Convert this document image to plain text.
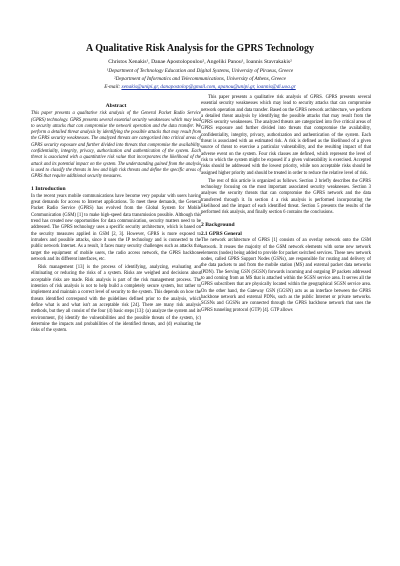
A Qualitative Risk Analysis for the GPRS Technology
Christos Xenakis¹, Danae Apostolopoulou², Angeliki Panou¹, Ioannis Stavrakakis²
¹Department of Technology Education and Digital Systems, University of Piraeus, Greece
²Department of Informatics and Telecommunications, University of Athens, Greece
E-mail: xenakis@unipi.gr, danapostolop@gmail.com, apanou@unipi.gr, ioannis@di.uoa.gr
Abstract

This paper presents a qualitative risk analysis of the General Packet Radio Service (GPRS) technology. GPRS presents several essential security weaknesses which may lead to security attacks that can compromise the network operation and the data transfer. We perform a detailed threat analysis by identifying the possible attacks that may result from the GPRS security weaknesses. The analyzed threats are categorized into critical areas of GPRS security exposure and further divided into threats that compromise the availability, confidentiality, integrity, privacy, authorization and authentication of the system. Each threat is associated with a quantitative risk value that incorporates the likelihood of the attack and its potential impact on the system. The understanding gained from the analysis is used to classify the threats in low and high risk threats and define the specific areas of GPRS that require additional security measures.

1 Introduction

In the recent years mobile communications have become very popular with users having great demands for access to Internet applications. To meet these demands, the General Packet Radio Service (GPRS) has evolved from the Global System for Mobile Communication (GSM) [1] to make high-speed data transmission possible. Although this trend has created new opportunities for data communication, security matters need to be addressed. The GPRS technology uses a specific security architecture, which is based on the security measures applied in GSM [2, 3]. However, GPRS is more exposed to intruders and possible attacks, since it uses the IP technology and is connected to the public network Internet. As a result, it faces many security challenges such as attacks that target the equipment of mobile users, the radio access network, the GPRS backbone network and its different interfaces, etc.

Risk management [13] is the process of identifying, analyzing, evaluating and eliminating or reducing the risks of a system. Risks are weighed and decisions about acceptable risks are made. Risk analysis is part of the risk management process. The intention of risk analysis is not to help build a completely secure system, but rather to implement and maintain a correct level of security to the system. This depends on how the threats identified correspond with the guidelines defined prior to the analysis, which define what is and what isn't an acceptable risk [24]. There are many risk analysis methods, but they all consist of the four (4) basic steps [13]: (a) analyze the system and its environment, (b) identify the vulnerabilities and the possible threats of the system, (c) determine the impacts and probabilities of the identified threats, and (d) evaluating the risks of the system.

This paper presents a qualitative risk analysis of GPRS. GPRS presents several essential security weaknesses which may lead to security attacks that can compromise network operation and data transfer. Based on the GPRS network architecture, we perform a detailed threat analysis by identifying the possible attacks that may result from the GPRS security weaknesses. The analyzed threats are categorized into five critical areas of GPRS exposure and further divided into threats that compromise the availability, confidentiality, integrity, privacy, authorization and authentication of the system. Each threat is associated with an estimated risk. A risk is defined as the likelihood of a given source of threat to exercise a particular vulnerability, and the resulting impact of that adverse event on the system. Four risk classes are defined, which represent the level of risk to which the system might be exposed if a given vulnerability is exercised. Accepted risks should be addressed with the lowest priority, while non acceptable risks should be assigned higher priority and should be treated in order to reduce the relative level of risk.

The rest of this article is organized as follows. Section 2 briefly describes the GPRS technology focusing on the most important associated security weaknesses. Section 3 analyses the security threats that can compromise the GPRS network and the data transferred through it. In section 4 a risk analysis is performed incorporating the likelihood and the impact of each identified threat. Section 5 presents the results of the performed risk analysis, and finally section 6 contains the conclusions.

2 Background
2.1 GPRS General

The network architecture of GPRS [1] consists of an overlay network onto the GSM network. It reuses the majority of the GSM network elements with some new network elements (nodes) being added to provide for packet switched services. These new network nodes, called GPRS Support Nodes (GSNs), are responsible for routing and delivery of the data packets to and from the mobile station (MS) and external packet data networks (PDN). The Serving GSN (SGSN) forwards incoming and outgoing IP packets addressed to and coming from an MS that is attached within the SGSN service area. It serves all the GPRS subscribers that are physically located within the geographical SGSN service area. On the other hand, the Gateway GSN (GGSN) acts as an interface between the GPRS backbone network and external PDNs, such as the public Internet or private networks. SGSNs and GGSNs are connected through the GPRS backbone network that uses the GPRS tunneling protocol (GTP) [4]. GTP allows
